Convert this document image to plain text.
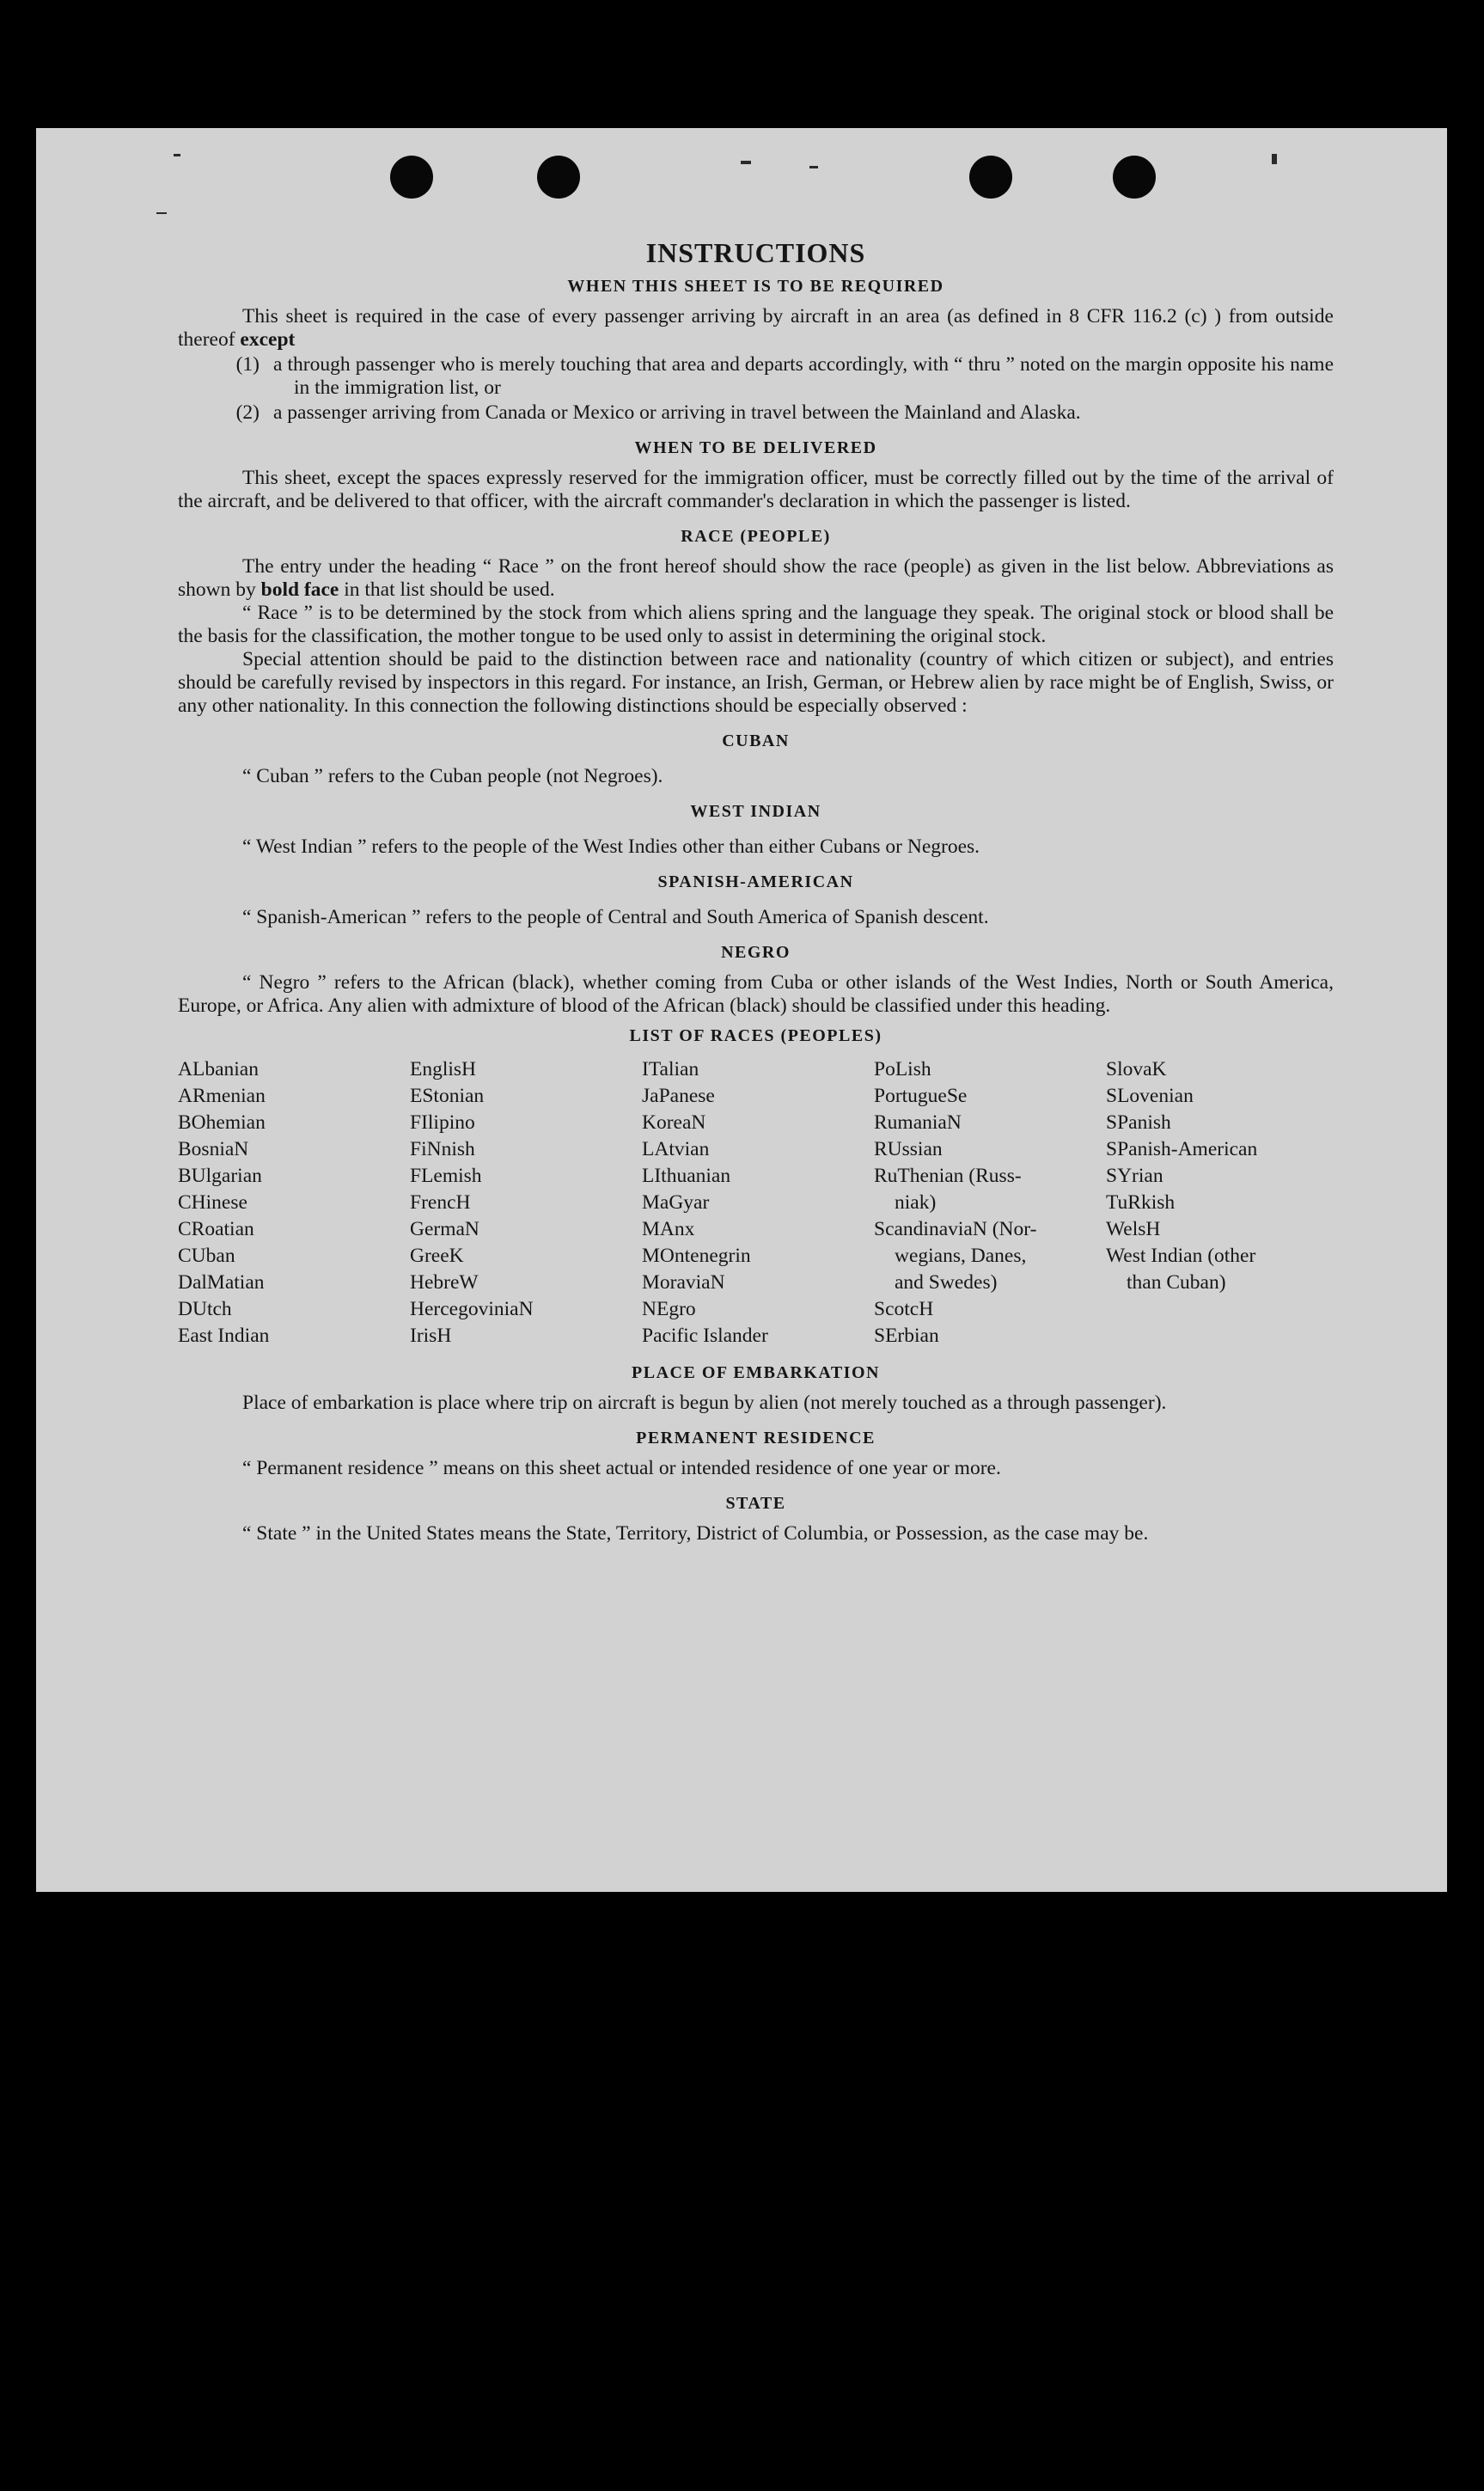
INSTRUCTIONS
WHEN THIS SHEET IS TO BE REQUIRED

This sheet is required in the case of every passenger arriving by aircraft in an area (as defined in 8 CFR 116.2 (c) ) from outside thereof except

(1) a through passenger who is merely touching that area and departs accordingly, with “ thru ” noted on the margin opposite his name in the immigration list, or
(2) a passenger arriving from Canada or Mexico or arriving in travel between the Mainland and Alaska.
WHEN TO BE DELIVERED

This sheet, except the spaces expressly reserved for the immigration officer, must be correctly filled out by the time of the arrival of the aircraft, and be delivered to that officer, with the aircraft commander's declaration in which the passenger is listed.

RACE (PEOPLE)

The entry under the heading “ Race ” on the front hereof should show the race (people) as given in the list below. Abbreviations as shown by bold face in that list should be used.

“ Race ” is to be determined by the stock from which aliens spring and the language they speak. The original stock or blood shall be the basis for the classification, the mother tongue to be used only to assist in determining the original stock.

Special attention should be paid to the distinction between race and nationality (country of which citizen or subject), and entries should be carefully revised by inspectors in this regard. For instance, an Irish, German, or Hebrew alien by race might be of English, Swiss, or any other nationality. In this connection the following distinctions should be especially observed :

CUBAN
“ Cuban ” refers to the Cuban people (not Negroes).
WEST INDIAN
“ West Indian ” refers to the people of the West Indies other than either Cubans or Negroes.
SPANISH-AMERICAN
“ Spanish-American ” refers to the people of Central and South America of Spanish descent.
NEGRO

“ Negro ” refers to the African (black), whether coming from Cuba or other islands of the West Indies, North or South America, Europe, or Africa. Any alien with admixture of blood of the African (black) should be classified under this heading.

LIST OF RACES (PEOPLES)
ALbanian
ARmenian
BOhemian
BosniaN
BUlgarian
CHinese
CRoatian
CUban
DalMatian
DUtch
East Indian
EnglisH
EStonian
FIlipino
FiNnish
FLemish
FrencH
GermaN
GreeK
HebreW
HercegoviniaN
IrisH
ITalian
JaPanese
KoreaN
LAtvian
LIthuanian
MaGyar
MAnx
MOntenegrin
MoraviaN
NEgro
Pacific Islander
PoLish
PortugueSe
RumaniaN
RUssian
RuThenian (Russ-
niak)
ScandinaviaN (Nor-
wegians, Danes,
and Swedes)
ScotcH
SErbian
SlovaK
SLovenian
SPanish
SPanish-American
SYrian
TuRkish
WelsH
West Indian (other
than Cuban)
PLACE OF EMBARKATION

Place of embarkation is place where trip on aircraft is begun by alien (not merely touched as a through passenger).

PERMANENT RESIDENCE

“ Permanent residence ” means on this sheet actual or intended residence of one year or more.

STATE

“ State ” in the United States means the State, Territory, District of Columbia, or Possession, as the case may be.
